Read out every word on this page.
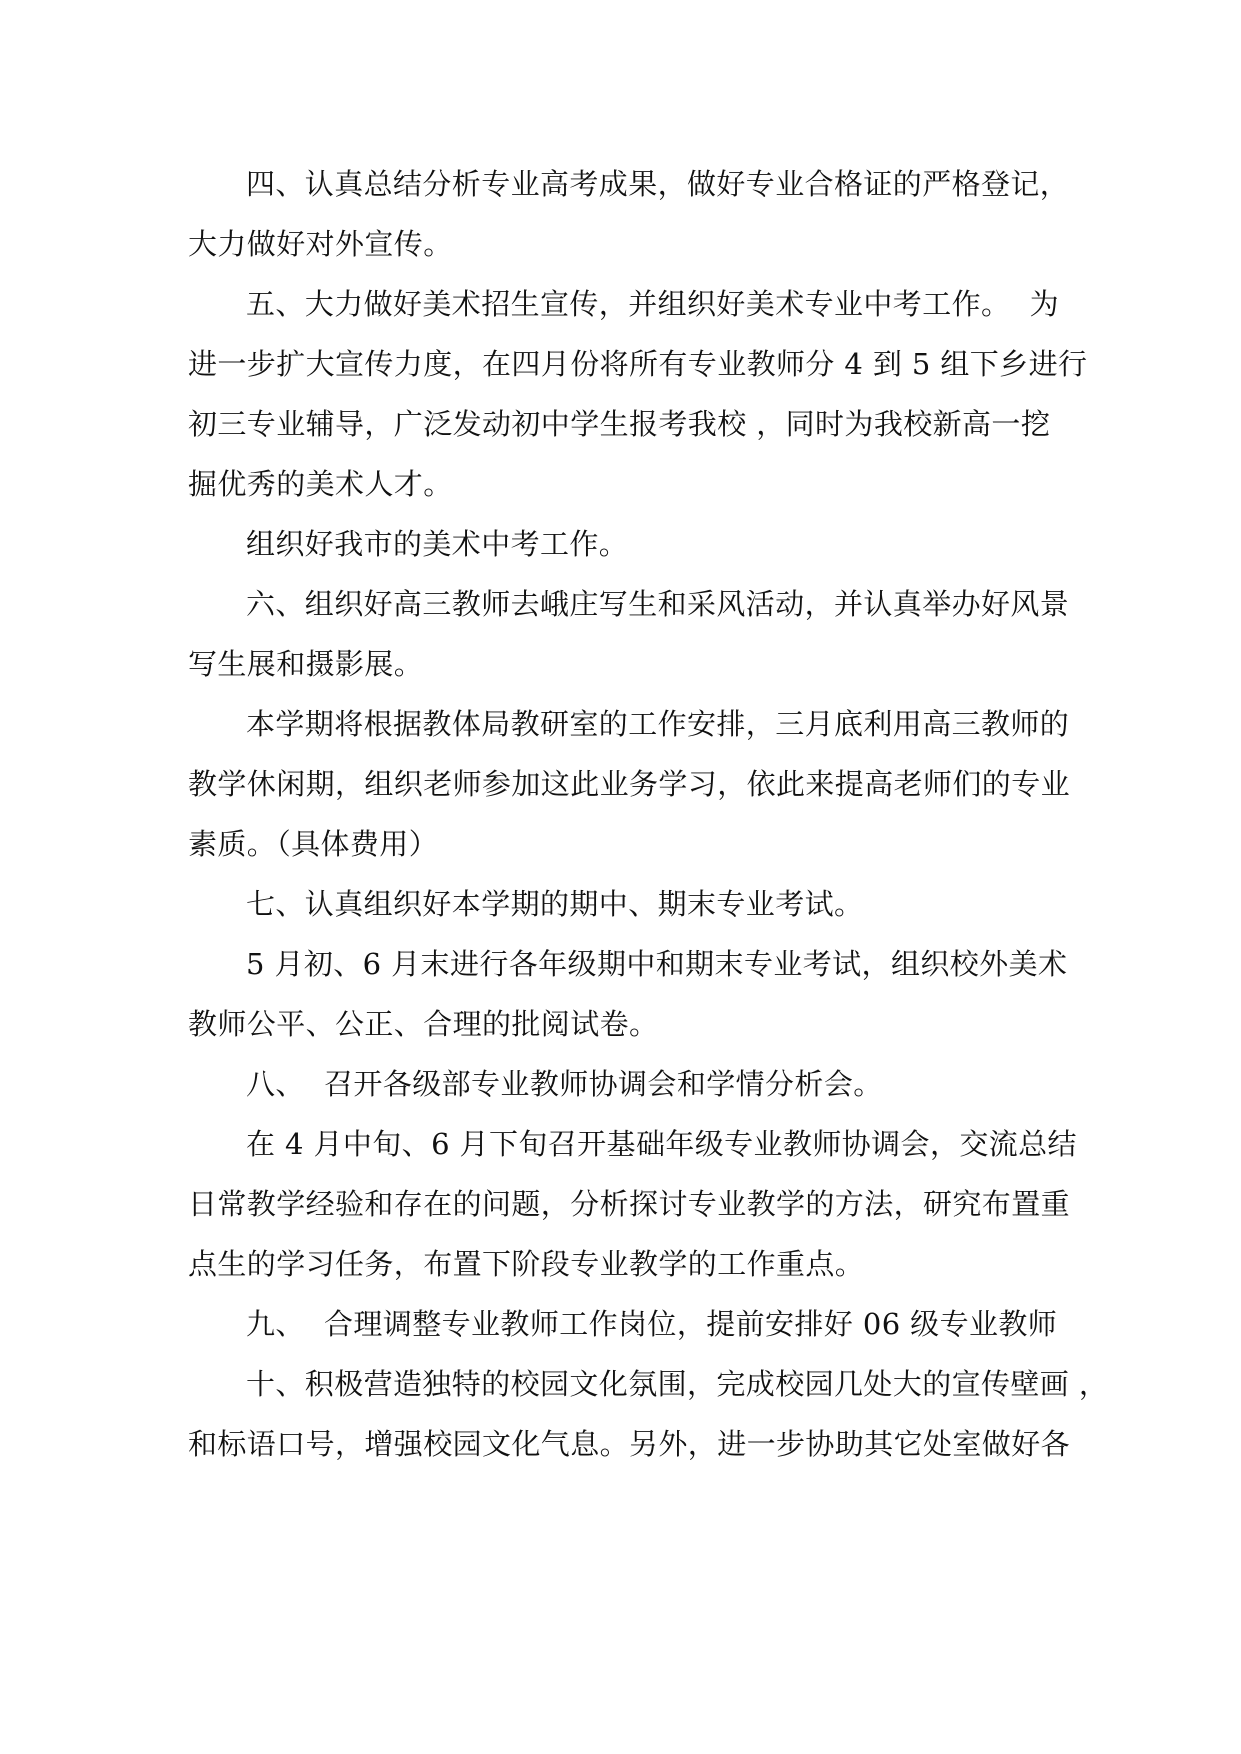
四、认真总结分析专业高考成果，做好专业合格证的严格登记，
大力做好对外宣传。
五、大力做好美术招生宣传，并组织好美术专业中考工作。  为
进一步扩大宣传力度，在四月份将所有专业教师分 4 到 5 组下乡进行
初三专业辅导，广泛发动初中学生报考我校 ，同时为我校新高一挖
掘优秀的美术人才。
组织好我市的美术中考工作。
六、组织好高三教师去峨庄写生和采风活动，并认真举办好风景
写生展和摄影展。
本学期将根据教体局教研室的工作安排，三月底利用高三教师的
教学休闲期，组织老师参加这此业务学习，依此来提高老师们的专业
素质。（具体费用）
七、认真组织好本学期的期中、期末专业考试。
5 月初、6 月末进行各年级期中和期末专业考试，组织校外美术
教师公平、公正、合理的批阅试卷。
八、  召开各级部专业教师协调会和学情分析会。
在 4 月中旬、6 月下旬召开基础年级专业教师协调会，交流总结
日常教学经验和存在的问题，分析探讨专业教学的方法，研究布置重
点生的学习任务，布置下阶段专业教学的工作重点。
九、  合理调整专业教师工作岗位，提前安排好 06 级专业教师
十、积极营造独特的校园文化氛围，完成校园几处大的宣传壁画 ，
和标语口号，增强校园文化气息。另外，进一步协助其它处室做好各
